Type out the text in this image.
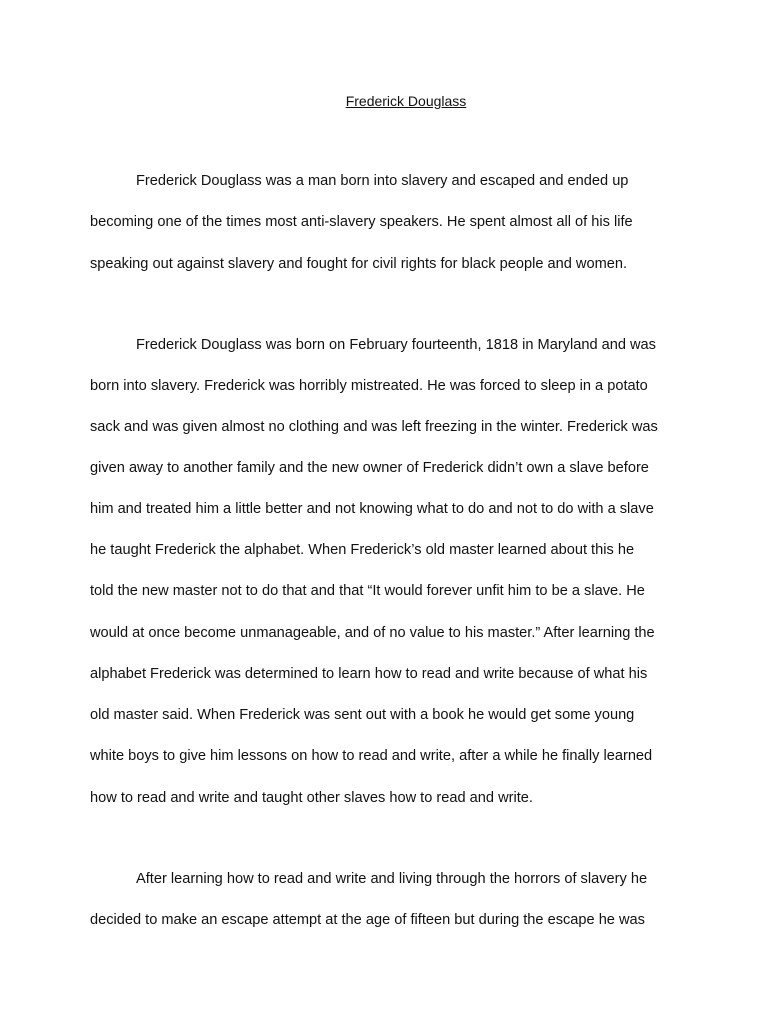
Frederick Douglass
Frederick Douglass was a man born into slavery and escaped and ended up
becoming one of the times most anti-slavery speakers. He spent almost all of his life
speaking out against slavery and fought for civil rights for black people and women.
Frederick Douglass was born on February fourteenth, 1818 in Maryland and was
born into slavery. Frederick was horribly mistreated. He was forced to sleep in a potato
sack and was given almost no clothing and was left freezing in the winter. Frederick was
given away to another family and the new owner of Frederick didn’t own a slave before
him and treated him a little better and not knowing what to do and not to do with a slave
he taught Frederick the alphabet. When Frederick’s old master learned about this he
told the new master not to do that and that “It would forever unfit him to be a slave. He
would at once become unmanageable, and of no value to his master.” After learning the
alphabet Frederick was determined to learn how to read and write because of what his
old master said. When Frederick was sent out with a book he would get some young
white boys to give him lessons on how to read and write, after a while he finally learned
how to read and write and taught other slaves how to read and write.
After learning how to read and write and living through the horrors of slavery he
decided to make an escape attempt at the age of fifteen but during the escape he was
